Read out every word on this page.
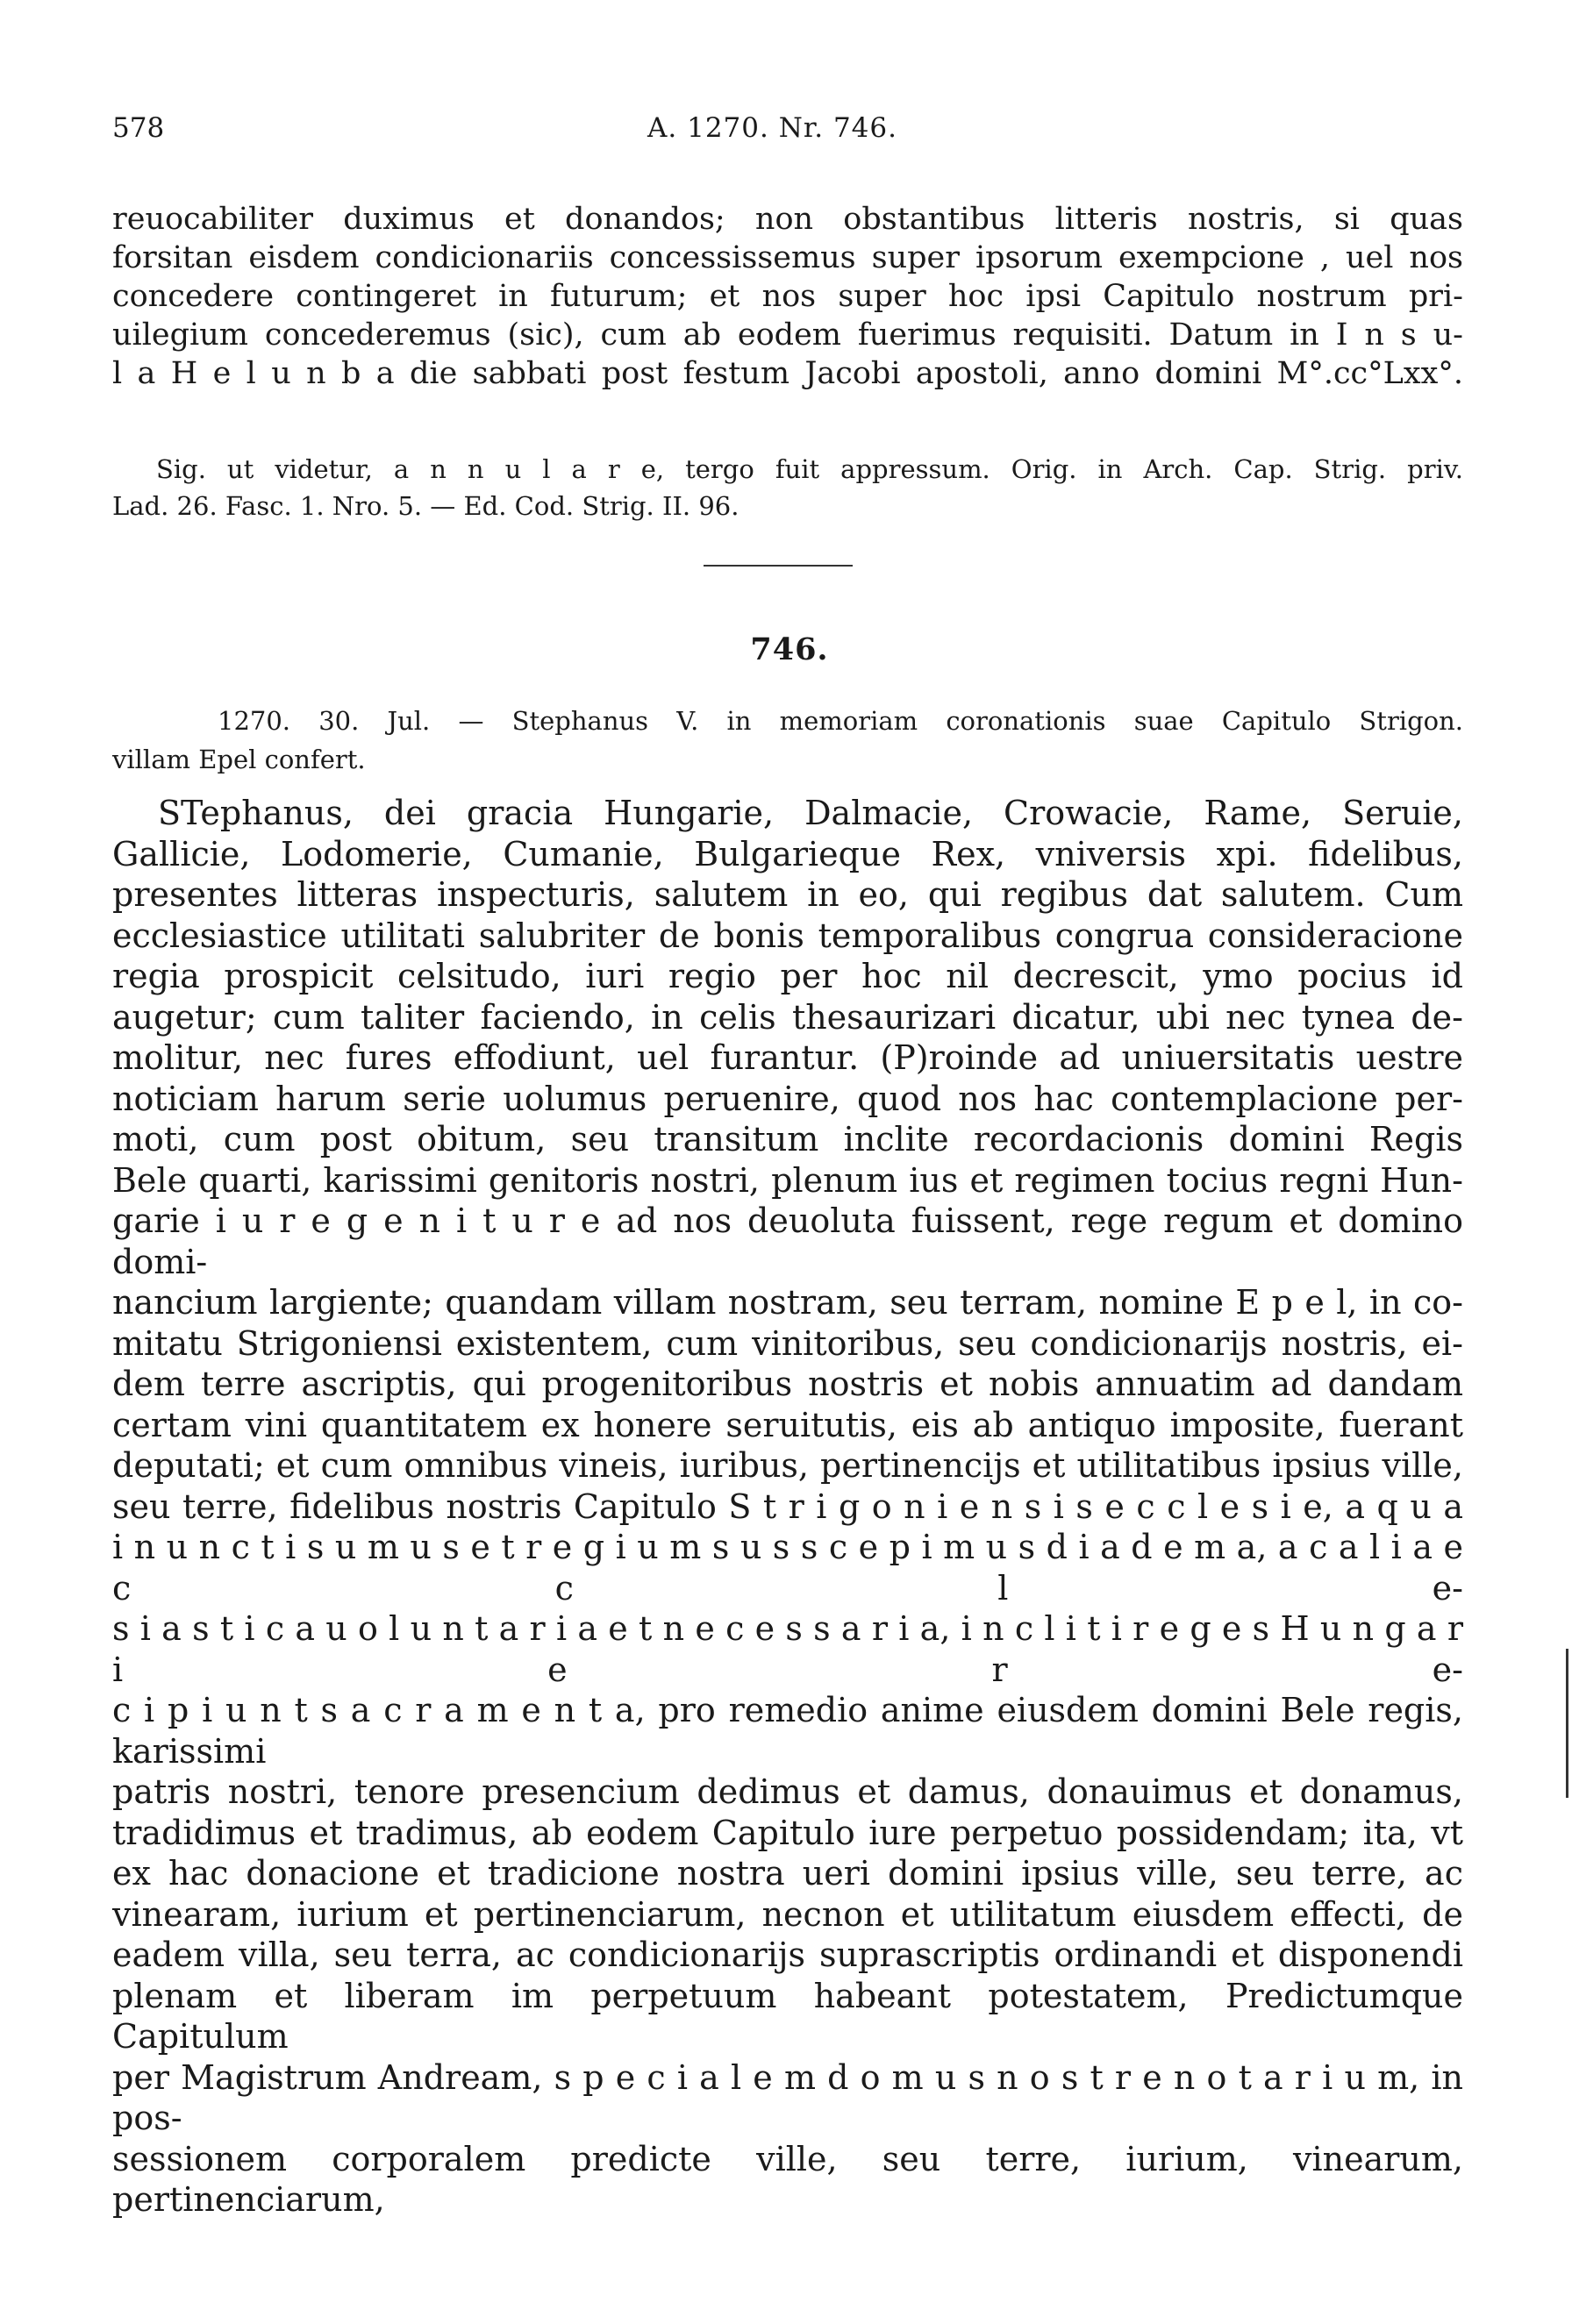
578	A. 1270. Nr. 746.
reuocabiliter duximus et donandos; non obstantibus litteris nostris, si quas
forsitan eisdem condicionariis concessissemus super ipsorum exempcione , uel nos
concedere contingeret in futurum; et nos super hoc ipsi Capitulo nostrum pri-
uilegium concederemus (sic), cum ab eodem fuerimus requisiti. Datum in I n s u-
l a H e l u n b a die sabbati post festum Jacobi apostoli, anno domini M°.cc°Lxx°.
Sig. ut videtur, a n n u l a r e, tergo fuit appressum. Orig. in Arch. Cap. Strig. priv.
Lad. 26. Fasc. 1. Nro. 5. — Ed. Cod. Strig. II. 96.
746.
1270. 30. Jul. — Stephanus V. in memoriam coronationis suae Capitulo Strigon.
villam Epel confert.
STephanus, dei gracia Hungarie, Dalmacie, Crowacie, Rame, Seruie,
Gallicie, Lodomerie, Cumanie, Bulgarieque Rex, vniversis xpi. fidelibus,
presentes litteras inspecturis, salutem in eo, qui regibus dat salutem. Cum
ecclesiastice utilitati salubriter de bonis temporalibus congrua consideracione
regia prospicit celsitudo, iuri regio per hoc nil decrescit, ymo pocius id
augetur; cum taliter faciendo, in celis thesaurizari dicatur, ubi nec tynea de-
molitur, nec fures effodiunt, uel furantur. (P)roinde ad uniuersitatis uestre
noticiam harum serie uolumus peruenire, quod nos hac contemplacione per-
moti, cum post obitum, seu transitum inclite recordacionis domini Regis
Bele quarti, karissimi genitoris nostri, plenum ius et regimen tocius regni Hun-
garie i u r e g e n i t u r e ad nos deuoluta fuissent, rege regum et domino domi-
nancium largiente; quandam villam nostram, seu terram, nomine E p e l, in co-
mitatu Strigoniensi existentem, cum vinitoribus, seu condicionarijs nostris, ei-
dem terre ascriptis, qui progenitoribus nostris et nobis annuatim ad dandam
certam vini quantitatem ex honere seruitutis, eis ab antiquo imposite, fuerant
deputati; et cum omnibus vineis, iuribus, pertinencijs et utilitatibus ipsius ville,
seu terre, fidelibus nostris Capitulo S t r i g o n i e n s i s e c c l e s i e, a q u a
i n u n c t i s u m u s e t r e g i u m s u s s c e p i m u s d i a d e m a, a c a l i a e c c l e-
s i a s t i c a u o l u n t a r i a e t n e c e s s a r i a, i n c l i t i r e g e s H u n g a r i e r e-
c i p i u n t s a c r a m e n t a, pro remedio anime eiusdem domini Bele regis, karissimi
patris nostri, tenore presencium dedimus et damus, donauimus et donamus,
tradidimus et tradimus, ab eodem Capitulo iure perpetuo possidendam; ita, vt
ex hac donacione et tradicione nostra ueri domini ipsius ville, seu terre, ac
vinearam, iurium et pertinenciarum, necnon et utilitatum eiusdem effecti, de
eadem villa, seu terra, ac condicionarijs suprascriptis ordinandi et disponendi
plenam et liberam im perpetuum habeant potestatem, Predictumque Capitulum
per Magistrum Andream, s p e c i a l e m d o m u s n o s t r e n o t a r i u m, in pos-
sessionem corporalem predicte ville, seu terre, iurium, vinearum, pertinenciarum,
